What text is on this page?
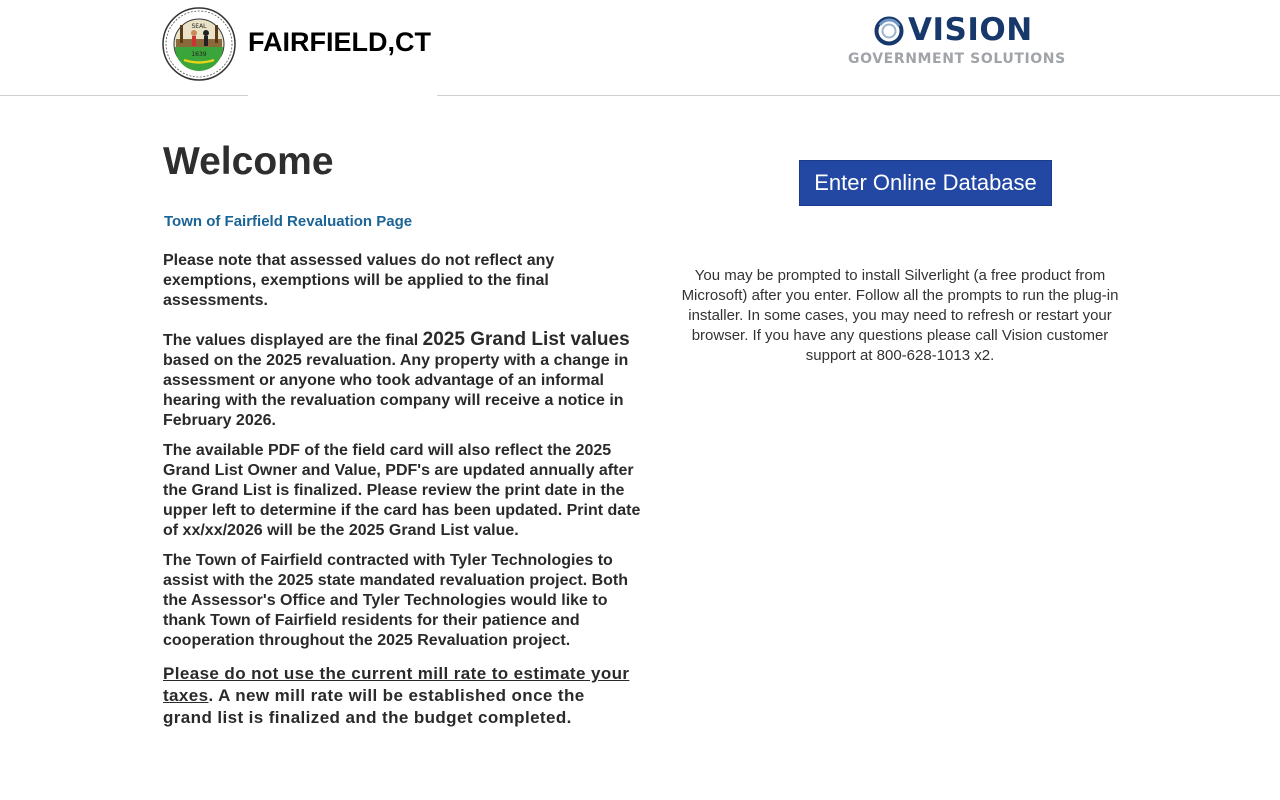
SEAL
1639 FAIRFIELD,CT	VISION
GOVERNMENT SOLUTIONS
Welcome
Town of Fairfield Revaluation Page

Please note that assessed values do not reflect any exemptions, exemptions will be applied to the final assessments.

The values displayed are the final 2025 Grand List values based on the 2025 revaluation. Any property with a change in assessment or anyone who took advantage of an informal hearing with the revaluation company will receive a notice in February 2026.

The available PDF of the field card will also reflect the 2025 Grand List Owner and Value, PDF's are updated annually after the Grand List is finalized. Please review the print date in the upper left to determine if the card has been updated. Print date of xx/xx/2026 will be the 2025 Grand List value.

The Town of Fairfield contracted with Tyler Technologies to assist with the 2025 state mandated revaluation project. Both the Assessor's Office and Tyler Technologies would like to thank Town of Fairfield residents for their patience and cooperation throughout the 2025 Revaluation project.

Please do not use the current mill rate to estimate your taxes. A new mill rate will be established once the grand list is finalized and the budget completed.

Enter Online Database

You may be prompted to install Silverlight (a free product from Microsoft) after you enter. Follow all the prompts to run the plug-in installer. In some cases, you may need to refresh or restart your browser. If you have any questions please call Vision customer support at 800-628-1013 x2.
